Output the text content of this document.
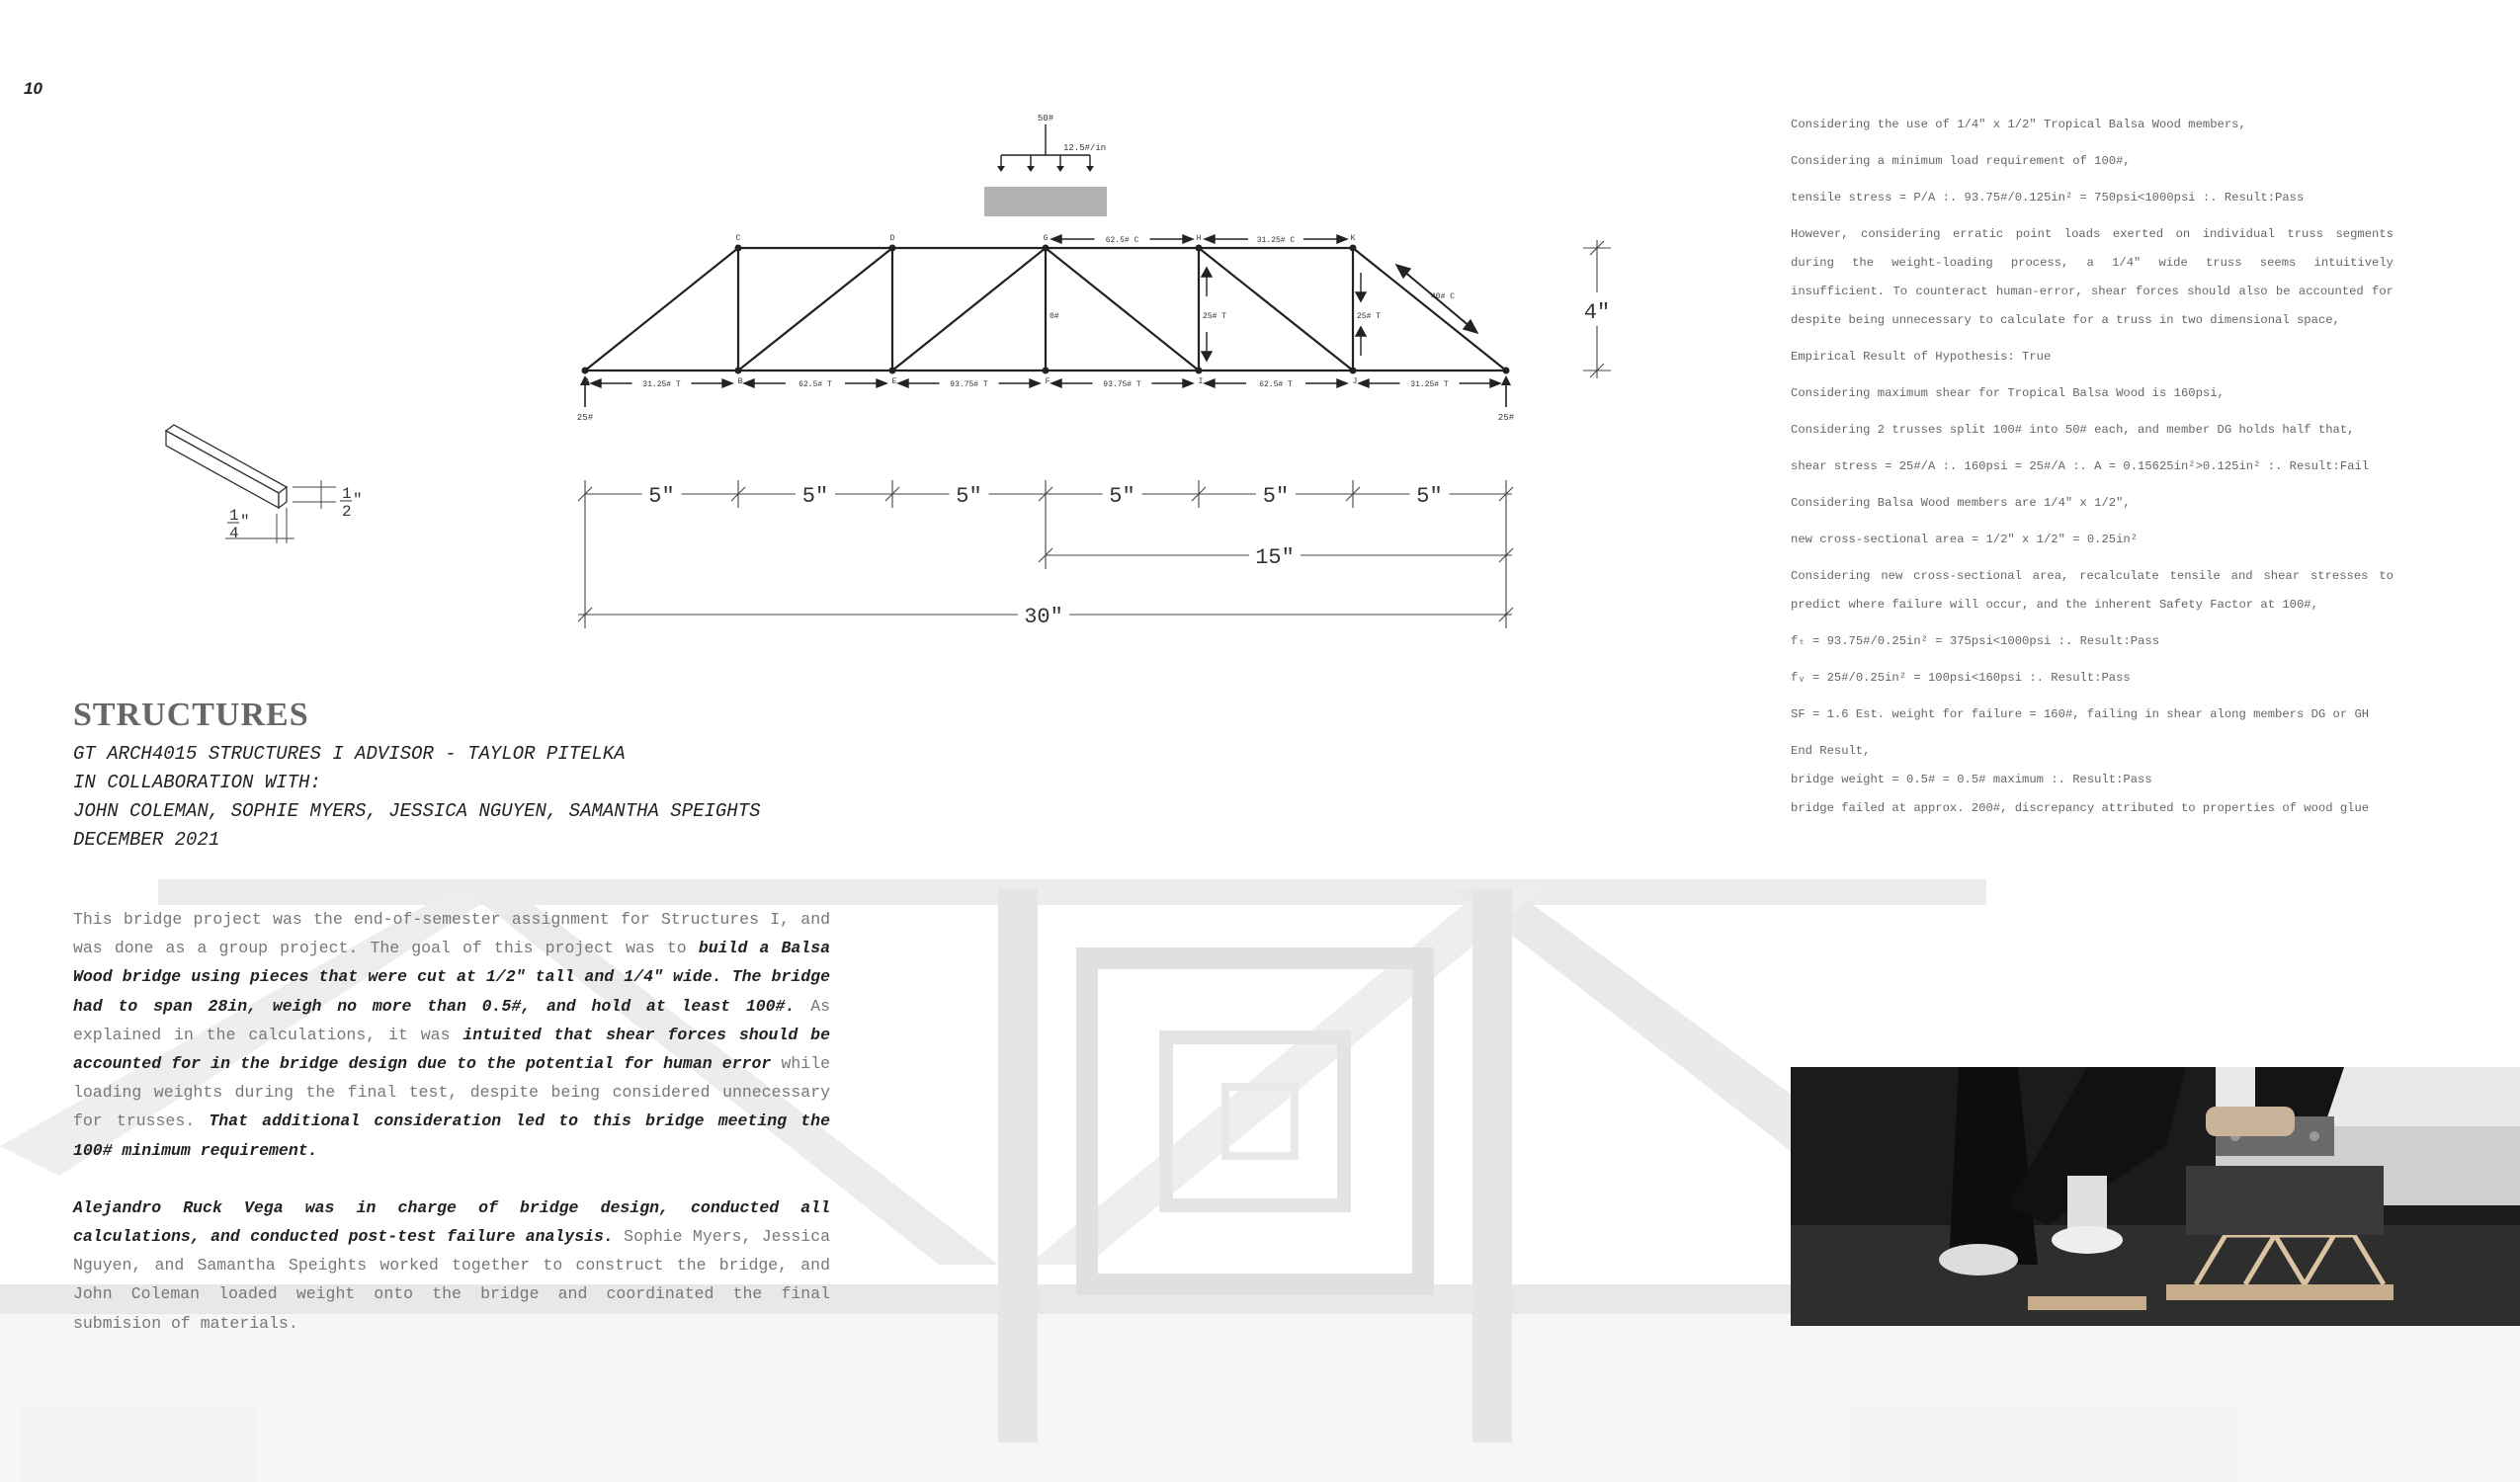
10
50#
12.5#/in
25#	25#
A	B	E	F	I	J	L
C	D	G	H	K
31.25# T	62.5# T	93.75# T	93.75# T	62.5# T	31.25# T
62.5# C	31.25# C
0#	25# T	25# T
40# C
4"
5"	5"	5"	5"	5"	5"
15"
30"
1
2
"
1
4
"
STRUCTURES
GT ARCH4015 STRUCTURES I ADVISOR - TAYLOR PITELKA
IN COLLABORATION WITH:
JOHN COLEMAN, SOPHIE MYERS, JESSICA NGUYEN, SAMANTHA SPEIGHTS
DECEMBER 2021

This bridge project was the end-of-semester assignment for Structures I, and was done as a group project. The goal of this project was to build a Balsa Wood bridge using pieces that were cut at 1/2" tall and 1/4" wide. The bridge had to span 28in, weigh no more than 0.5#, and hold at least 100#. As explained in the calculations, it was intuited that shear forces should be accounted for in the bridge design due to the potential for human error while loading weights during the final test, despite being considered unnecessary for trusses. That additional consideration led to this bridge meeting the 100# minimum requirement.

Alejandro Ruck Vega was in charge of bridge design, conducted all calculations, and conducted post-test failure analysis. Sophie Myers, Jessica Nguyen, and Samantha Speights worked together to construct the bridge, and John Coleman loaded weight onto the bridge and coordinated the final submision of materials.

Considering the use of 1/4" x 1/2" Tropical Balsa Wood members,

Considering a minimum load requirement of 100#,

tensile stress = P/A :. 93.75#/0.125in² = 750psi<1000psi :. Result:Pass

However, considering erratic point loads exerted on individual truss segments during the weight-loading process, a 1/4" wide truss seems intuitively insufficient. To counteract human-error, shear forces should also be accounted for despite being unnecessary to calculate for a truss in two dimensional space,

Empirical Result of Hypothesis: True

Considering maximum shear for Tropical Balsa Wood is 160psi,

Considering 2 trusses split 100# into 50# each, and member DG holds half that,

shear stress = 25#/A :. 160psi = 25#/A :. A = 0.15625in²>0.125in² :. Result:Fail

Considering Balsa Wood members are 1/4" x 1/2",

new cross-sectional area = 1/2" x 1/2" = 0.25in²

Considering new cross-sectional area, recalculate tensile and shear stresses to predict where failure will occur, and the inherent Safety Factor at 100#,

fₜ = 93.75#/0.25in² = 375psi<1000psi :. Result:Pass

fᵥ = 25#/0.25in² = 100psi<160psi :. Result:Pass

SF = 1.6 Est. weight for failure = 160#, failing in shear along members DG or GH

End Result,

bridge weight = 0.5# = 0.5# maximum :. Result:Pass

bridge failed at approx. 200#, discrepancy attributed to properties of wood glue
